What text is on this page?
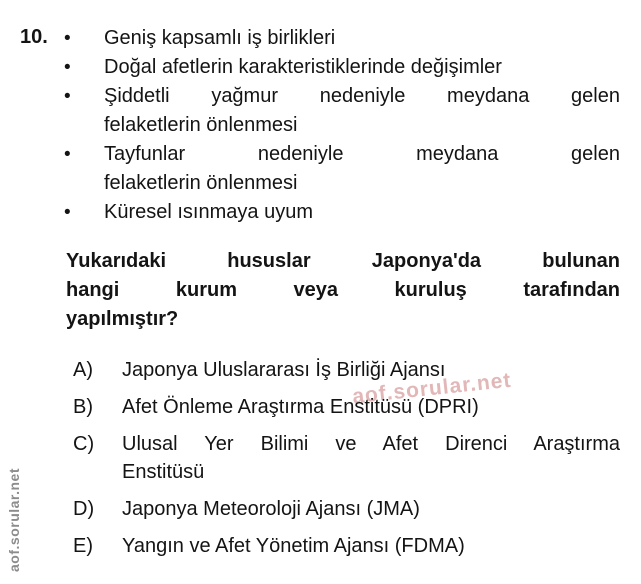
aof.sorular.net
aof.sorular.net
10. •	Geniş kapsamlı iş birlikleri
•	Doğal afetlerin karakteristiklerinde değişimler
•	Şiddetli yağmur nedeniyle meydana gelen
felaketlerin önlenmesi
•	Tayfunlar nedeniyle meydana gelen
felaketlerin önlenmesi
•	Küresel ısınmaya uyum
Yukarıdaki hususlar Japonya'da bulunan
hangi kurum veya kuruluş tarafından
yapılmıştır?
A)	Japonya Uluslararası İş Birliği Ajansı
B)	Afet Önleme Araştırma Enstitüsü (DPRI)
C)	Ulusal Yer Bilimi ve Afet Direnci Araştırma
Enstitüsü
D)	Japonya Meteoroloji Ajansı (JMA)
E)	Yangın ve Afet Yönetim Ajansı (FDMA)
